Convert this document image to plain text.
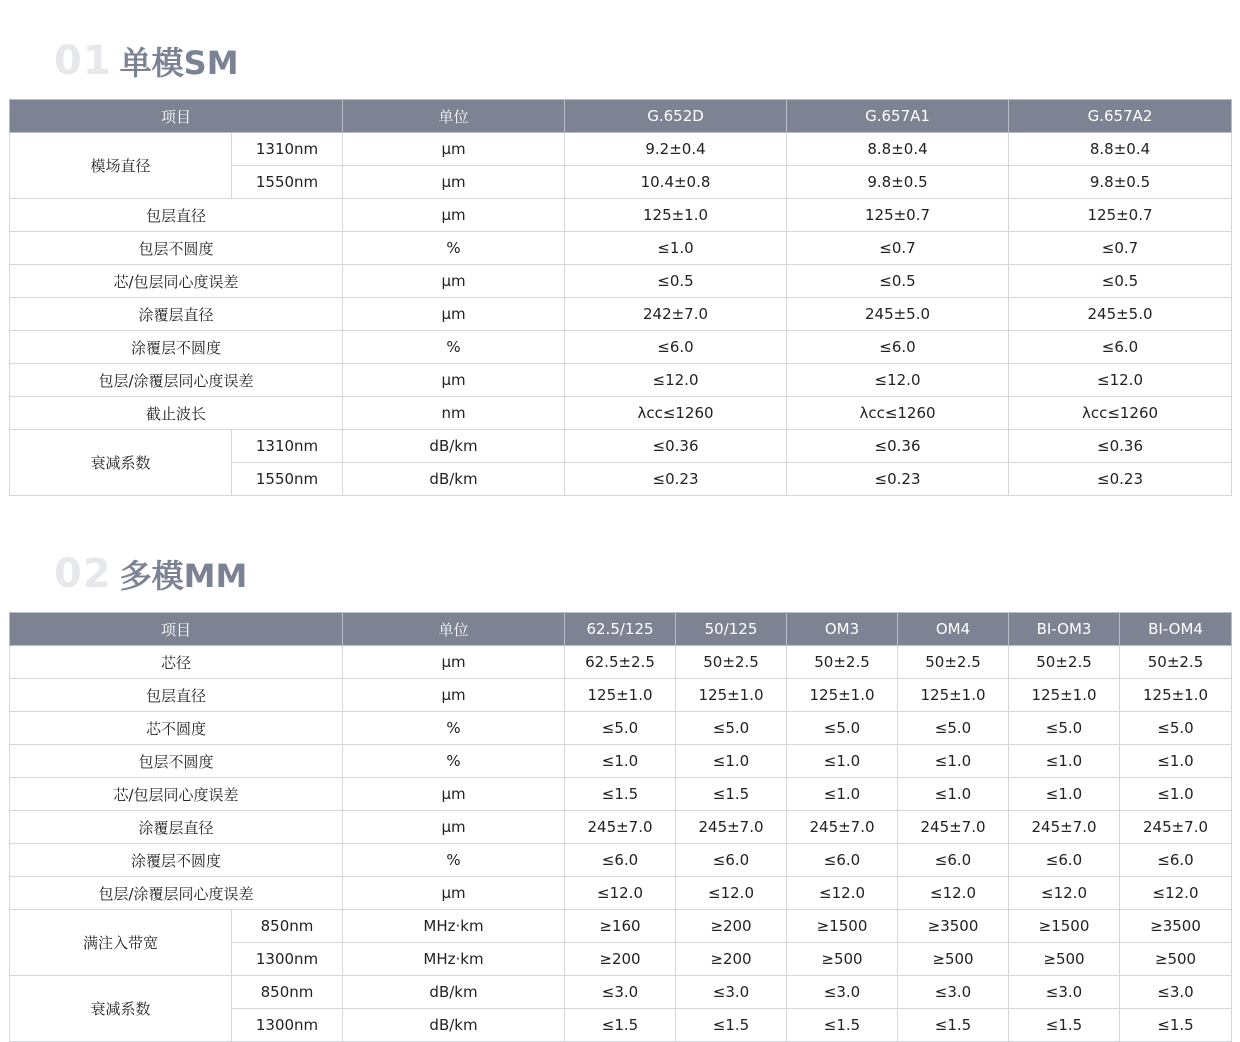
01 单模SM
项目		单位	G.652D	G.657A1	G.657A2
模场直径	1310nm	μm	9.2±0.4	8.8±0.4	8.8±0.4
	1550nm	μm	10.4±0.8	9.8±0.5	9.8±0.5
包层直径		μm	125±1.0	125±0.7	125±0.7
包层不圆度		%	≤1.0	≤0.7	≤0.7
芯/包层同心度误差		μm	≤0.5	≤0.5	≤0.5
涂覆层直径		μm	242±7.0	245±5.0	245±5.0
涂覆层不圆度		%	≤6.0	≤6.0	≤6.0
包层/涂覆层同心度误差		μm	≤12.0	≤12.0	≤12.0
截止波长		nm	λcc≤1260	λcc≤1260	λcc≤1260
衰减系数	1310nm	dB/km	≤0.36	≤0.36	≤0.36
	1550nm	dB/km	≤0.23	≤0.23	≤0.23
02 多模MM
项目		单位	62.5/125	50/125	OM3	OM4	BI-OM3	BI-OM4
芯径		μm	62.5±2.5	50±2.5	50±2.5	50±2.5	50±2.5	50±2.5
包层直径		μm	125±1.0	125±1.0	125±1.0	125±1.0	125±1.0	125±1.0
芯不圆度		%	≤5.0	≤5.0	≤5.0	≤5.0	≤5.0	≤5.0
包层不圆度		%	≤1.0	≤1.0	≤1.0	≤1.0	≤1.0	≤1.0
芯/包层同心度误差		μm	≤1.5	≤1.5	≤1.0	≤1.0	≤1.0	≤1.0
涂覆层直径		μm	245±7.0	245±7.0	245±7.0	245±7.0	245±7.0	245±7.0
涂覆层不圆度		%	≤6.0	≤6.0	≤6.0	≤6.0	≤6.0	≤6.0
包层/涂覆层同心度误差		μm	≤12.0	≤12.0	≤12.0	≤12.0	≤12.0	≤12.0
满注入带宽	850nm	MHz·km	≥160	≥200	≥1500	≥3500	≥1500	≥3500
	1300nm	MHz·km	≥200	≥200	≥500	≥500	≥500	≥500
衰减系数	850nm	dB/km	≤3.0	≤3.0	≤3.0	≤3.0	≤3.0	≤3.0
	1300nm	dB/km	≤1.5	≤1.5	≤1.5	≤1.5	≤1.5	≤1.5
